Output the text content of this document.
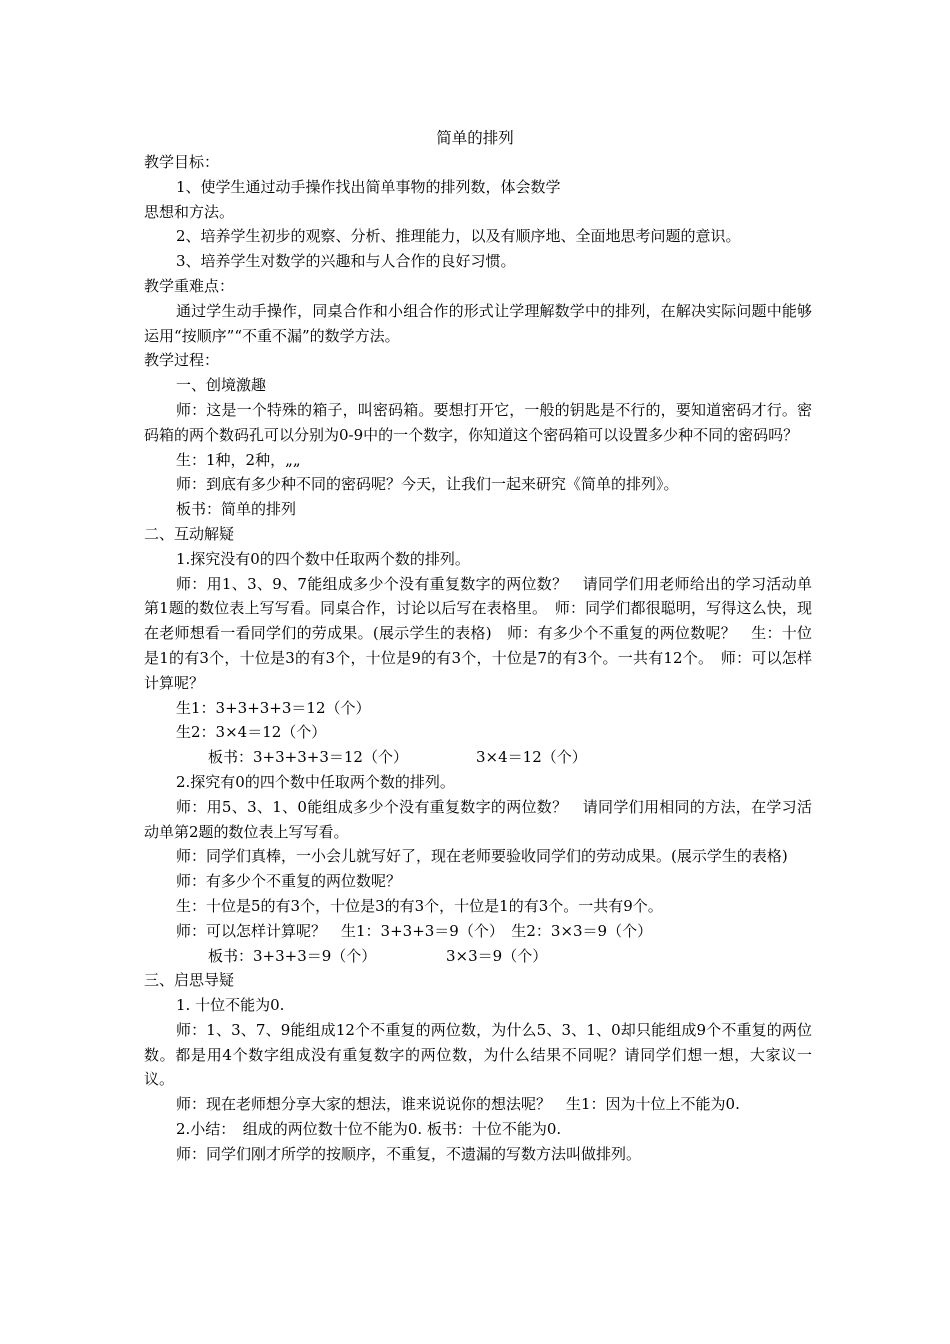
简单的排列

教学目标：

1、使学生通过动手操作找出简单事物的排列数，体会数学

思想和方法。

2、培养学生初步的观察、分析、推理能力，以及有顺序地、全面地思考问题的意识。

3、培养学生对数学的兴趣和与人合作的良好习惯。

教学重难点：

通过学生动手操作，同桌合作和小组合作的形式让学理解数学中的排列，在解决实际问题中能够运用“按顺序”“不重不漏”的数学方法。

教学过程：

一、创境激趣

师：这是一个特殊的箱子，叫密码箱。要想打开它，一般的钥匙是不行的，要知道密码才行。密码箱的两个数码孔可以分别为0-9中的一个数字，你知道这个密码箱可以设置多少种不同的密码吗？

生：1种，2种，„„

师：到底有多少种不同的密码呢？今天，让我们一起来研究《简单的排列》。

板书：简单的排列

二、互动解疑

1.探究没有0的四个数中任取两个数的排列。

师：用1、3、9、7能组成多少个没有重复数字的两位数？　请同学们用老师给出的学习活动单第1题的数位表上写写看。同桌合作，讨论以后写在表格里。　师：同学们都很聪明，写得这么快，现在老师想看一看同学们的劳成果。(展示学生的表格)　师：有多少个不重复的两位数呢？　生：十位是1的有3个，十位是3的有3个，十位是9的有3个，十位是7的有3个。一共有12个。　师：可以怎样计算呢？

生1：3+3+3+3＝12（个）

生2：3×4＝12（个）

板书：3+3+3+3＝12（个）	3×4＝12（个）

2.探究有0的四个数中任取两个数的排列。

师：用5、3、1、0能组成多少个没有重复数字的两位数？　请同学们用相同的方法，在学习活动单第2题的数位表上写写看。

师：同学们真棒，一小会儿就写好了，现在老师要验收同学们的劳动成果。(展示学生的表格)

师：有多少个不重复的两位数呢？

生：十位是5的有3个，十位是3的有3个，十位是1的有3个。一共有9个。

师：可以怎样计算呢？　生1：3+3+3＝9（个）　生2：3×3＝9（个）

板书：3+3+3＝9（个）	3×3＝9（个）

三、启思导疑

1. 十位不能为0.

师：1、3、7、9能组成12个不重复的两位数，为什么5、3、1、0却只能组成9个不重复的两位数。都是用4个数字组成没有重复数字的两位数，为什么结果不同呢？请同学们想一想，大家议一议。

师：现在老师想分享大家的想法，谁来说说你的想法呢？　生1：因为十位上不能为0.

2.小结：　组成的两位数十位不能为0. 板书：十位不能为0.

师：同学们刚才所学的按顺序，不重复，不遗漏的写数方法叫做排列。
